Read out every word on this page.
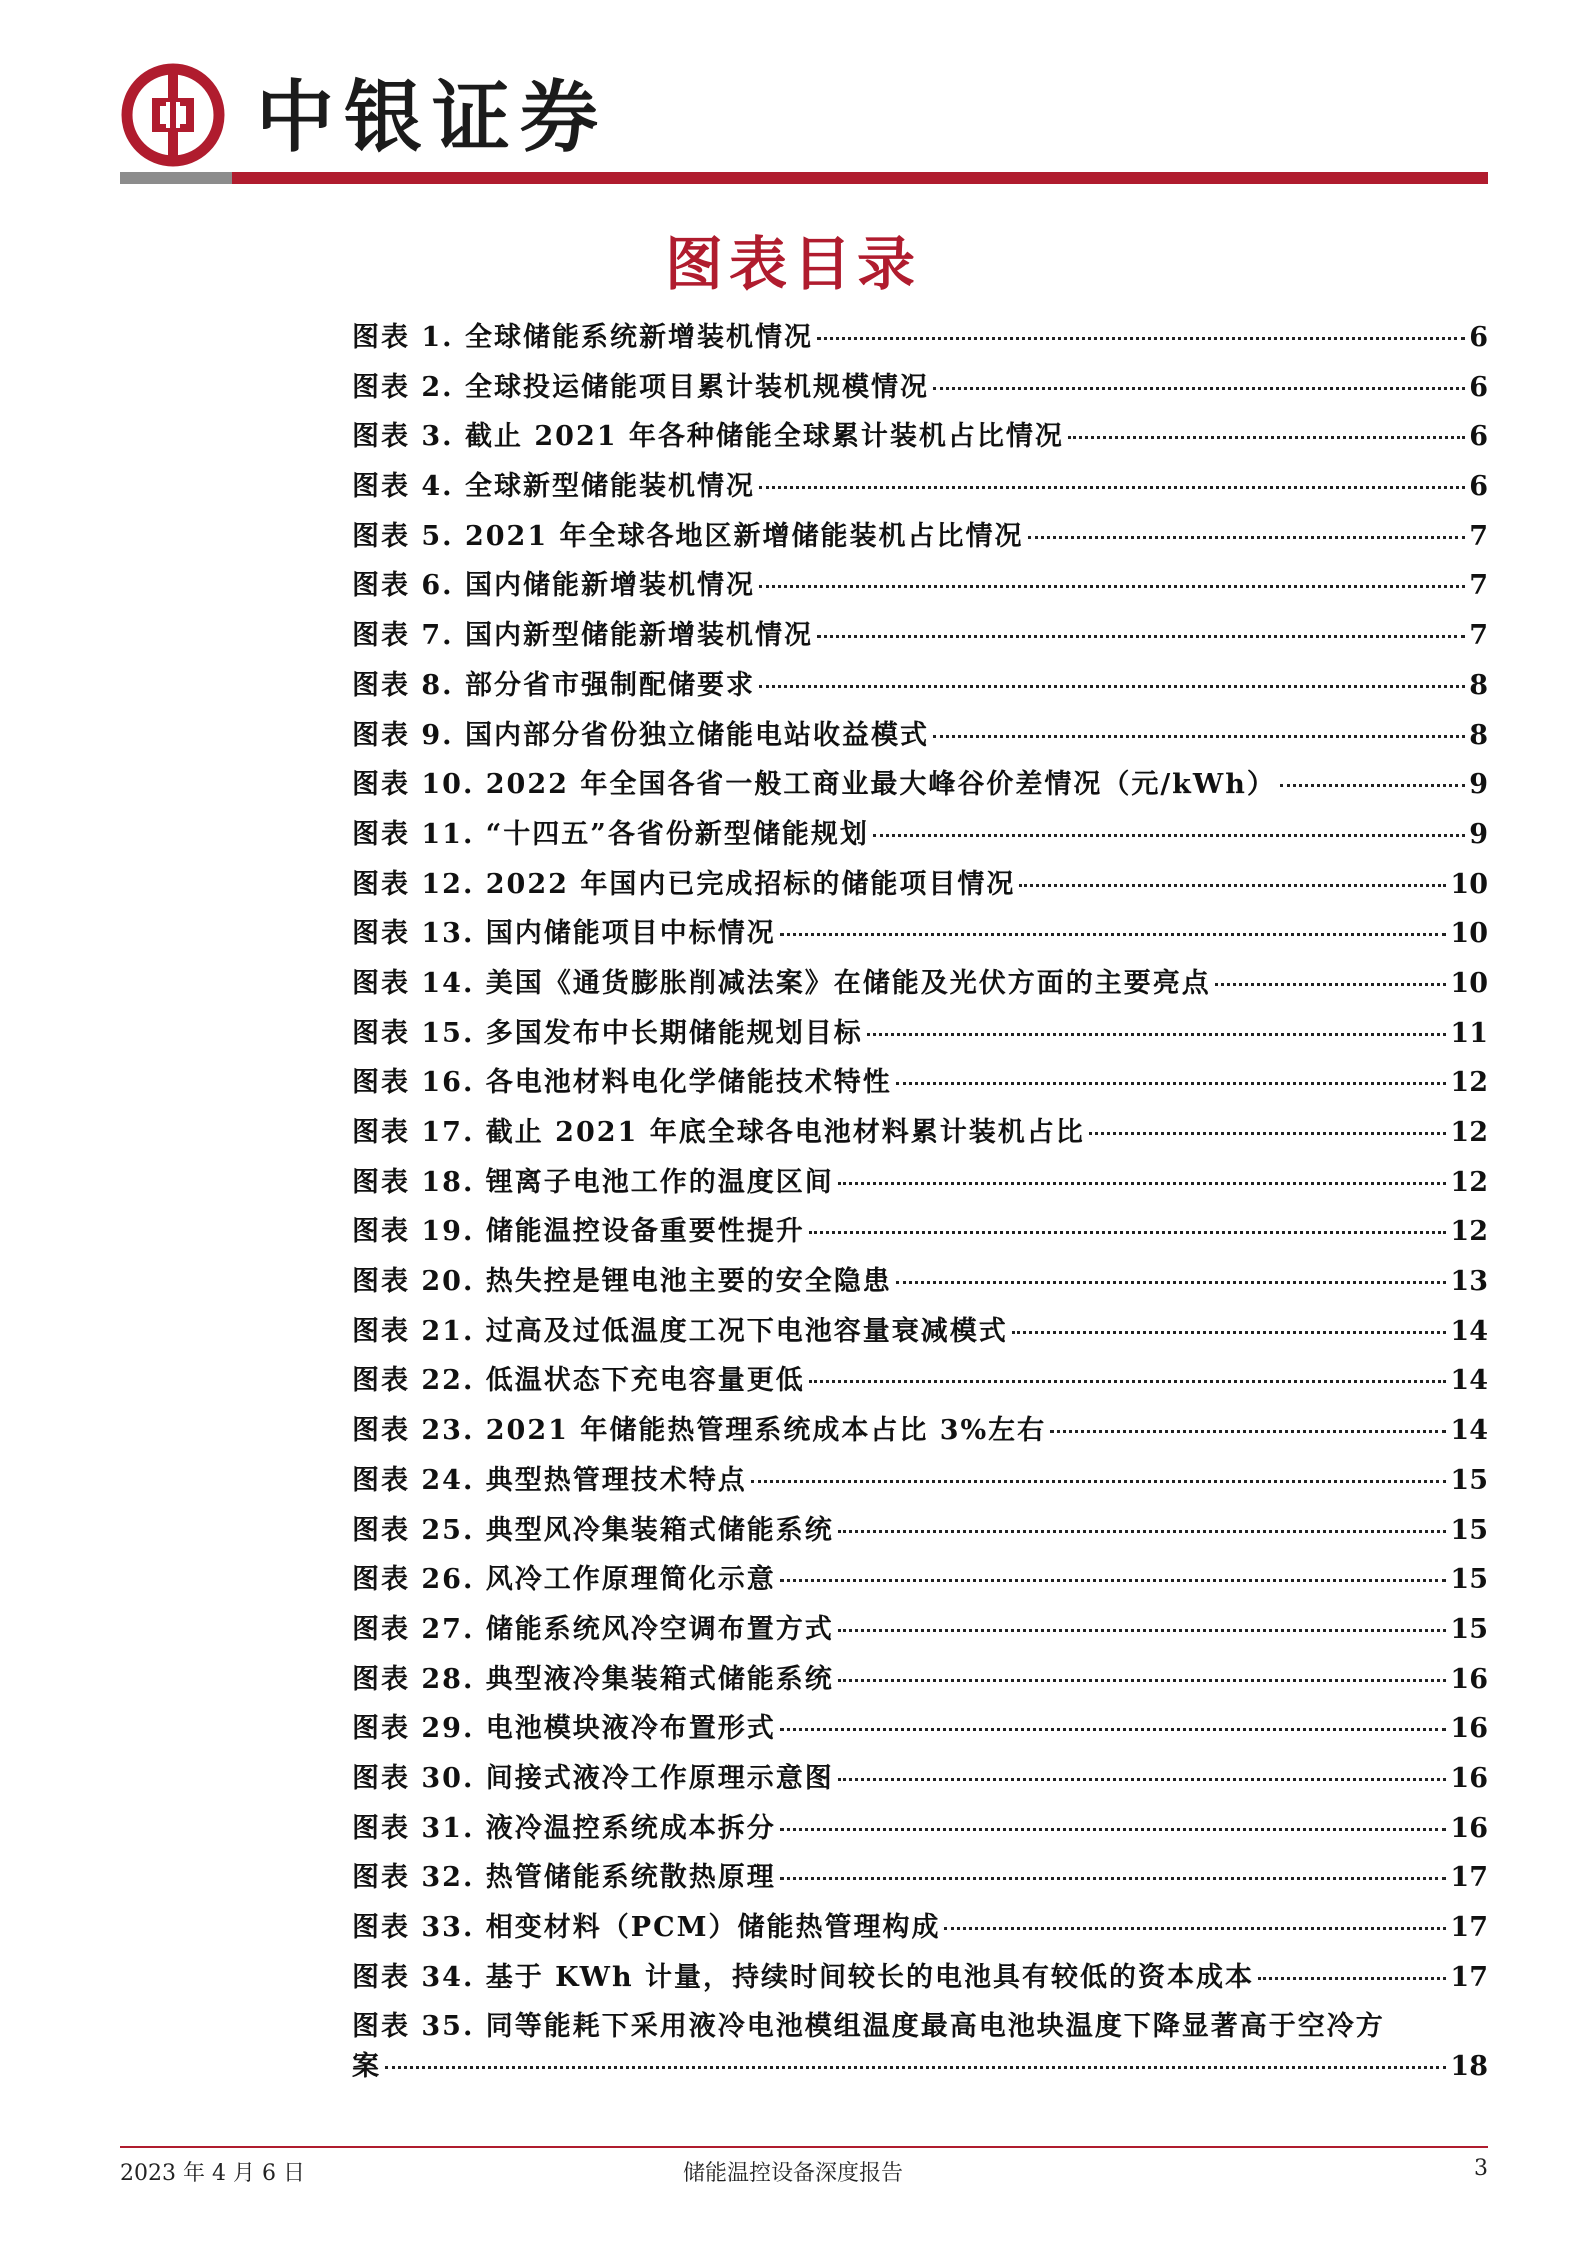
中银证券
图表目录
图表 1. 全球储能系统新增装机情况	6
图表 2. 全球投运储能项目累计装机规模情况	6
图表 3. 截止 2021 年各种储能全球累计装机占比情况	6
图表 4. 全球新型储能装机情况	6
图表 5. 2021 年全球各地区新增储能装机占比情况	7
图表 6. 国内储能新增装机情况	7
图表 7. 国内新型储能新增装机情况	7
图表 8. 部分省市强制配储要求	8
图表 9. 国内部分省份独立储能电站收益模式	8
图表 10. 2022 年全国各省一般工商业最大峰谷价差情况（元/kWh）	9
图表 11. “十四五”各省份新型储能规划	9
图表 12. 2022 年国内已完成招标的储能项目情况	10
图表 13. 国内储能项目中标情况	10
图表 14. 美国《通货膨胀削减法案》在储能及光伏方面的主要亮点	10
图表 15. 多国发布中长期储能规划目标	11
图表 16. 各电池材料电化学储能技术特性	12
图表 17. 截止 2021 年底全球各电池材料累计装机占比	12
图表 18. 锂离子电池工作的温度区间	12
图表 19. 储能温控设备重要性提升	12
图表 20. 热失控是锂电池主要的安全隐患	13
图表 21. 过高及过低温度工况下电池容量衰减模式	14
图表 22. 低温状态下充电容量更低	14
图表 23. 2021 年储能热管理系统成本占比 3%左右	14
图表 24. 典型热管理技术特点	15
图表 25. 典型风冷集装箱式储能系统	15
图表 26. 风冷工作原理简化示意	15
图表 27. 储能系统风冷空调布置方式	15
图表 28. 典型液冷集装箱式储能系统	16
图表 29. 电池模块液冷布置形式	16
图表 30. 间接式液冷工作原理示意图	16
图表 31. 液冷温控系统成本拆分	16
图表 32. 热管储能系统散热原理	17
图表 33. 相变材料（PCM）储能热管理构成	17
图表 34. 基于 KWh 计量，持续时间较长的电池具有较低的资本成本	17
图表 35. 同等能耗下采用液冷电池模组温度最高电池块温度下降显著高于空冷方
案	18
2023 年 4 月 6 日	储能温控设备深度报告	3
